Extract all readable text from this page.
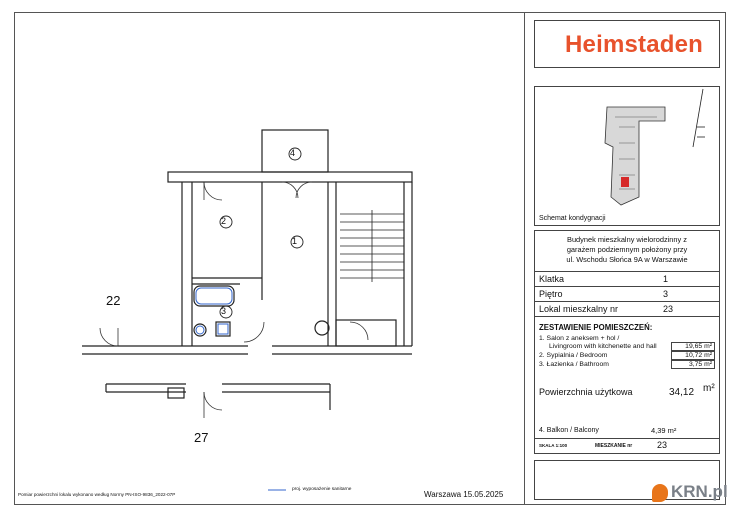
1
2
3
4
22
27
Heimstaden
Schemat kondygnacji
Budynek mieszkalny wielorodzinny z
garażem podziemnym położony przy
ul. Wschodu Słońca 9A w Warszawie
Klatka	1
Piętro	3
Lokal mieszkalny nr	23
ZESTAWIENIE POMIESZCZEŃ:
1. Salon z aneksem + hol /
Livingroom with kitchenette and hall	19,65 m²
2. Sypialnia / Bedroom	10,72 m²
3. Łazienka / Bathroom	3,75 m²
Powierzchnia użytkowa	34,12 m²
4. Balkon / Balcony	4,39 m²
SKALA 1:100	MIESZKANIE nr	23
Pomiar powierzchni lokalu wykonano według Normy PN-ISO-9836_2022-07P
proj. wyposażenie sanitarne
Warszawa 15.05.2025	KRN.pl
